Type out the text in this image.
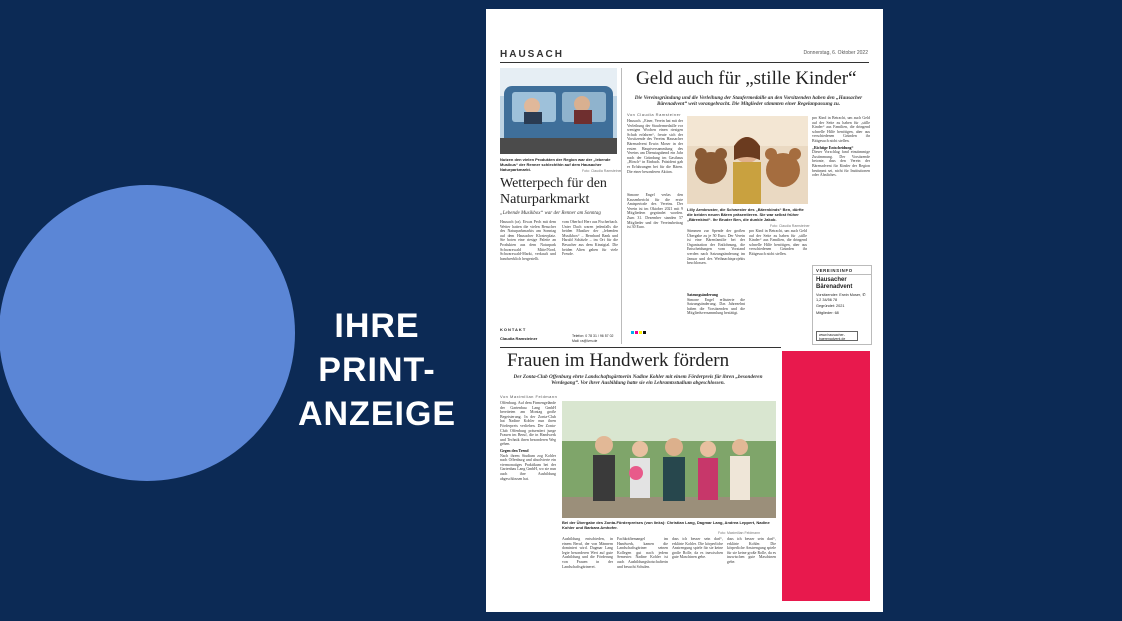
IHRE
PRINT-
ANZEIGE
HAUSACH	Donnerstag, 6. Oktober 2022
Nutzen den vielen Produkten der Region war der „lebende Musikus“ der Renner schlechthin auf dem Hausacher Naturparkmarkt.	Foto: Claudia Ramsteiner
Wetterpech für den Naturparkmarkt
„Lebende Musikbox“ war der Renner am Sonntag
Hausach (ra). Etwas Pech mit dem Wetter hatten die vielen Besucher des Naturparkmarkts am Sonntag auf dem Hausacher Klosterplatz. Sie boten eine riesige Palette an Produkten aus dem Naturpark Schwarzwald Mitte/Nord, Schwarzwald-Markt, verkauft und handwerklich hergestellt.
vom Oberhof Herr aus Fischerbach. Unter Dach waren jedenfalls die beiden Musiker der „lebenden Musikbox“ – Bernhard Rank und Harald Schätzle – im Ort für die Besucher aus dem Kinzigtal. Die beiden Alten gaben für viele Freude.
KONTAKT
Claudia Ramsteiner	Telefon: 0 78 31 / 96 57 02
Mail: ra@lvm.de
Geld auch für „stille Kinder“
Die Vereinsgründung und die Verleihung der Staufermedaille an den Vorsitzenden haben den „Hausacher Bärenadvent“ weit vorangebracht. Die Mitglieder stimmten einer Regelanpassung zu.
Von Claudia Ramsteiner
Hausach. „Einer, Verein hat mit der Verleihung der Staufermedaille vor wenigen Wochen einen riesigen Schub erfahren“, freute sich der Vorsitzende des Vereins Hausacher Bärenadvent Erwin Moser in der ersten Hauptversammlung des Vereins am Dienstagabend ein Jahr nach der Gründung im Gasthaus „Hirsch“ in Einbach. Präsident gab er Erfahrungen bei für die Bären. Die einer besonderen Aktion.
Simone Engel verlas den Kassenbericht für die erste Amtsperiode des Vereins. Der Verein ist im Oktober 2021 mit 9 Mitgliedern gegründet worden. Zum 31. Dezember standen 57 Mitglieder und der Vereinsbeitrag ist 30 Euro.
Lilly Armbruster, die Schwester des „Bärenkinds“ Ben, dürfte die beiden neuen Bären präsentieren. Sie war selbst früher „Bärenkind“. Ihr Bruder Ben, die dunkle Jakob.
Foto: Claudia Ramsteiner
Stimmen zur Spende der großen Übergabe zu je 50 Euro. Der Verein ist eine Bärenfamilie bei der Organisation der Entlohnung, die Entscheidungen vom Vorstand werden nach Satzungsänderung im Januar und des Weihnachtsprojekts beschlossen.
Satzungsänderung
Simone Engel erläuterte die Satzungsänderung. Das Jahrezehnt haben die Vorsitzenden und die Mitgliedsversammlung bestätigt.
pro Kind in Betracht, um auch Geld auf der Seite zu haben für „stille Kinder“ aus Familien, die dringend schnelle Hilfe benötigen, aber aus verschiedenen Gründen ihr Bittgesuch nicht stellen.
pro Kind in Betracht, um auch Geld auf der Seite zu haben für „stille Kinder“ aus Familien, die dringend schnelle Hilfe benötigen, aber aus verschiedenen Gründen ihr Bittgesuch nicht stellen.
„Richtige Entscheidung“
Dieser Vorschlag fand einstimmige Zustimmung. Der Vorsitzende betonte, dass den Verein der Bärenadvent für Kinder der Region bestimmt sei, nicht für Institutionen oder Ähnliches.
VEREINSINFO
Hausacher Bärenadvent
Vorsitzender: Erwin Moser, ✆ 1,2 34/56 78
Gegründet: 2021
Mitglieder: 68
www.hausacher-baerenadvent.de
Frauen im Handwerk fördern
Der Zonta-Club Offenburg ehrte Landschaftsgärtnerin Nadine Kohler mit einem Förderpreis für ihren „besonderen Werdegang“. Vor ihrer Ausbildung hatte sie ein Lehramtsstudium abgeschlossen.
Von Maximilian Feldmann
Offenburg. Auf dem Firmengelände der Gartenbau Lang GmbH bereiteten am Montag große Begeisterung. In der Zonta-Club hat Nadine Kohler nun ihren Förderpreis verliehen. Der Zonta-Club Offenburg präsentiert junge Frauen im Beruf, die in Handwerk und Technik ihren besonderen Weg gehen.
Gegen den Trend
Nach ihrem Studium zog Kohler nach Offenburg und absolvierte ein viermonatiges Praktikum bei der Gartenbau Lang GmbH, wo sie nun auch ihre Ausbildung abgeschlossen hat.
Bei der Übergabe des Zonta-Förderpreises (von links): Christian Lang, Dagmar Lang, Andrea Leppert, Nadine Kohler und Barbara Amhofer.
Foto: Maximilian Feldmann
Ausbildung entschieden, in einem Beruf, der von Männern dominiert wird. Dagmar Lang legte besonderen Wert auf gute Ausbildung und die Förderung von Frauen in der Landschaftsgärtnerei.
Fachkräftemangel im Handwerk, kamen die Landschaftsgärtner seinen Kollegen gut nach jedem Semester. Nadine Kohler ist auch Ausbildungsbotschafterin und besucht Schulen.
dass ich besser sein darf“, erklärte Kohler. Die körperliche Anstrengung spiele für sie keine große Rolle, da es inzwischen gute Maschinen gebe.
dass ich besser sein darf“, erklärte Kohler. Die körperliche Anstrengung spiele für sie keine große Rolle, da es inzwischen gute Maschinen gebe.
